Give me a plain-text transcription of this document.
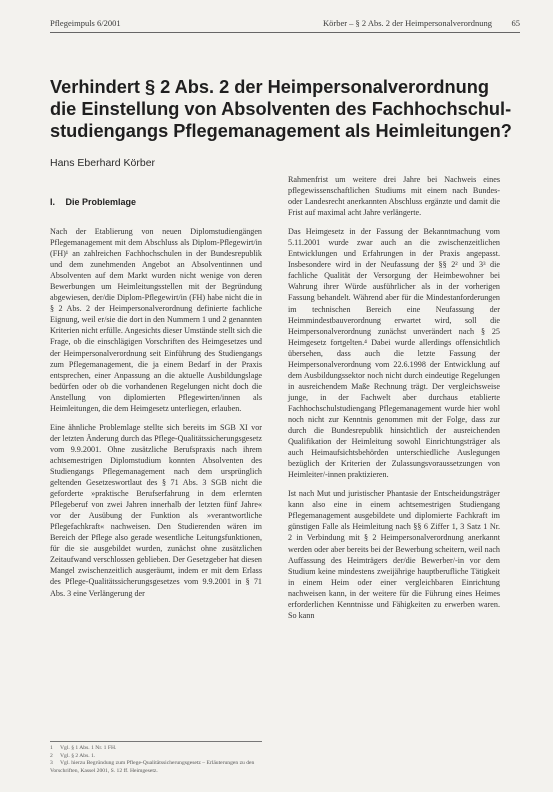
Pflegeimpuls 6/2001	Körber – § 2 Abs. 2 der Heimpersonalverordnung 65
Verhindert § 2 Abs. 2 der Heimpersonalverordnung die Einstellung von Absolventen des Fachhochschul-studiengangs Pflegemanagement als Heimleitungen?
Hans Eberhard Körber
I. Die Problemlage

Nach der Etablierung von neuen Diplomstudiengängen Pflegemanagement mit dem Abschluss als Diplom-Pflegewirt/in (FH)¹ an zahlreichen Fachhochschulen in der Bundesrepublik und dem zunehmenden Angebot an Absolventinnen und Absolventen auf dem Markt wurden nicht wenige von deren Bewerbungen um Heimleitungsstellen mit der Begründung abgewiesen, der/die Diplom-Pflegewirt/in (FH) habe nicht die in § 2 Abs. 2 der Heimpersonalverordnung definierte fachliche Eignung, weil er/sie die dort in den Nummern 1 und 2 genannten Kriterien nicht erfülle. Angesichts dieser Umstände stellt sich die Frage, ob die einschlägigen Vorschriften des Heimgesetzes und der Heimpersonalverordnung seit Einführung des Studiengangs zum Pflegemanagement, die ja einem Bedarf in der Praxis entsprechen, einer Anpassung an die aktuelle Ausbildungslage bedürfen oder ob die vorhandenen Regelungen nicht doch die Anstellung von diplomierten Pflegewirten/innen als Heimleitungen, die dem Heimgesetz unterliegen, erlauben.

Eine ähnliche Problemlage stellte sich bereits im SGB XI vor der letzten Änderung durch das Pflege-Qualitätssicherungsgesetz vom 9.9.2001. Ohne zusätzliche Berufspraxis nach ihrem achtsemestrigen Diplomstudium konnten Absolventen des Studiengangs Pflegemanagement nach dem ursprünglich geltenden Gesetzeswortlaut des § 71 Abs. 3 SGB nicht die geforderte »praktische Berufserfahrung in dem erlernten Pflegeberuf von zwei Jahren innerhalb der letzten fünf Jahre« vor der Ausübung der Funktion als »verantwortliche Pflegefachkraft« nachweisen. Den Studierenden wären im Bereich der Pflege also gerade wesentliche Leitungsfunktionen, für die sie ausgebildet wurden, zunächst ohne zusätzlichen Zeitaufwand verschlossen geblieben. Der Gesetzgeber hat diesen Mangel zwischenzeitlich ausgeräumt, indem er mit dem Erlass des Pflege-Qualitätssicherungsgesetzes vom 9.9.2001 in § 71 Abs. 3 eine Verlängerung der

Rahmenfrist um weitere drei Jahre bei Nachweis eines pflegewissenschaftlichen Studiums mit einem nach Bundes- oder Landesrecht anerkannten Abschluss ergänzte und damit die Frist auf maximal acht Jahre verlängerte.

Das Heimgesetz in der Fassung der Bekanntmachung vom 5.11.2001 wurde zwar auch an die zwischenzeitlichen Entwicklungen und Erfahrungen in der Praxis angepasst. Insbesondere wird in der Neufassung der §§ 2² und 3³ die fachliche Qualität der Versorgung der Heimbewohner bei Wahrung ihrer Würde ausführlicher als in der vorherigen Fassung behandelt. Während aber für die Mindestanforderungen im technischen Bereich eine Neufassung der Heimmindestbauverordnung erwartet wird, soll die Heimpersonalverordnung zunächst unverändert nach § 25 Heimgesetz fortgelten.⁴ Dabei wurde allerdings offensichtlich übersehen, dass auch die letzte Fassung der Heimpersonalverordnung vom 22.6.1998 der Entwicklung auf dem Ausbildungssektor noch nicht durch eindeutige Regelungen in ausreichendem Maße Rechnung trägt. Der vergleichsweise junge, in der Fachwelt aber durchaus etablierte Fachhochschulstudiengang Pflegemanagement wurde hier wohl noch nicht zur Kenntnis genommen mit der Folge, dass zur durch die Bundesrepublik hinsichtlich der ausreichenden Qualifikation der Heimleitung sowohl Einrichtungsträger als auch Heimaufsichtsbehörden unterschiedliche Auslegungen bezüglich der Kriterien der Zulassungsvoraussetzungen von Heimleiter/-innen praktizieren.

Ist nach Mut und juristischer Phantasie der Entscheidungsträger kann also eine in einem achtsemestrigen Studiengang Pflegemanagement ausgebildete und diplomierte Fachkraft im günstigen Falle als Heimleitung nach §§ 6 Ziffer 1, 3 Satz 1 Nr. 2 in Verbindung mit § 2 Heimpersonalverordnung anerkannt werden oder aber bereits bei der Bewerbung scheitern, weil nach Auffassung des Heimträgers der/die Bewerber/-in vor dem Studium keine mindestens zweijährige hauptberufliche Tätigkeit in einem Heim oder einer vergleichbaren Einrichtung nachweisen kann, in der weitere für die Führung eines Heimes erforderlichen Kenntnisse und Fähigkeiten zu erwerben waren. So kann

1 Vgl. § 1 Abs. 1 Nr. 1 FH.

2 Vgl. § 2 Abs. 1.

3 Vgl. hierzu Begründung zum Pflege-Qualitätssicherungsgesetz – Erläuterungen zu den Vorschriften, Kassel 2001, S. 12 ff. Heimgesetz.
